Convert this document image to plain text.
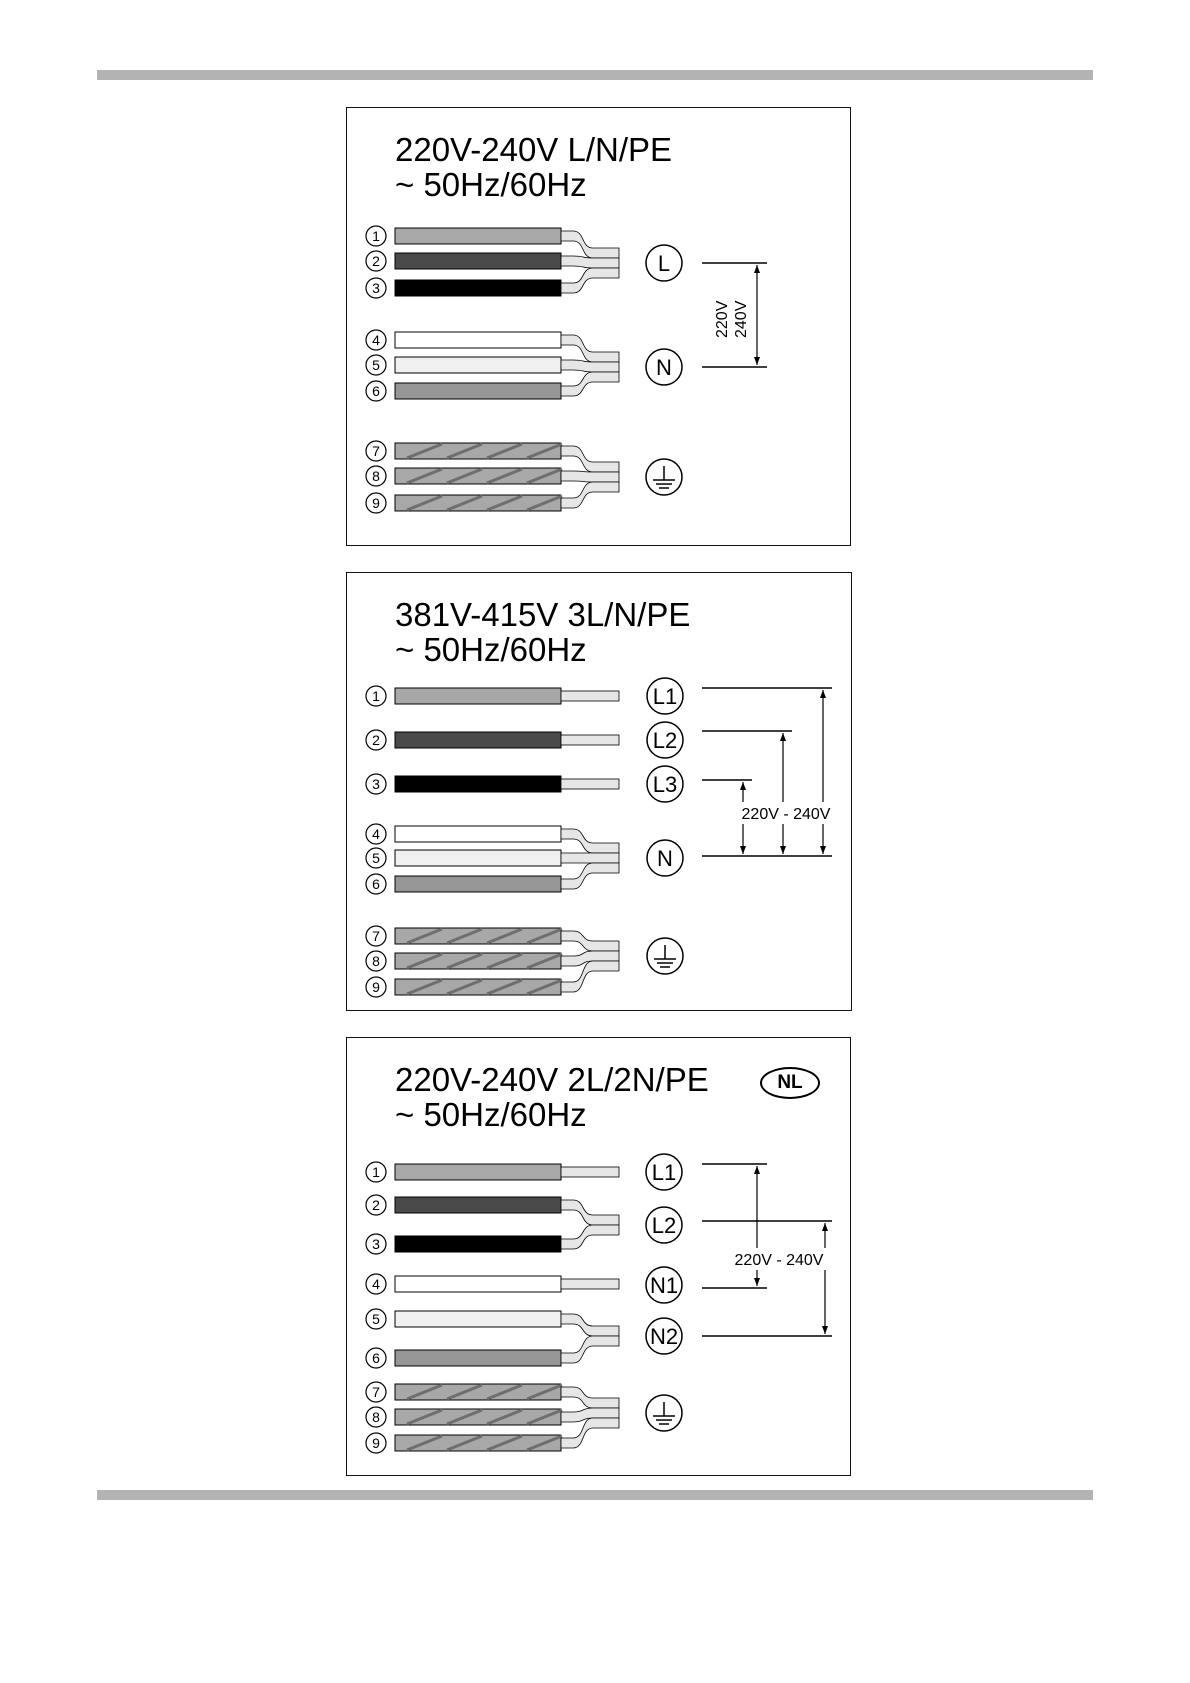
220V-240V L/N/PE
~ 50Hz/60Hz
1
2
3
4
5
6
7
8
9
L
N
220V 240V
381V-415V 3L/N/PE
~ 50Hz/60Hz
1
2
3
4
5
6
7
8
9
L1
L2
L3
N
220V - 240V
220V-240V 2L/2N/PE
~ 50Hz/60Hz
NL
1
2
3
4
5
6
7
8
9
L1
L2
N1
N2
220V - 240V
